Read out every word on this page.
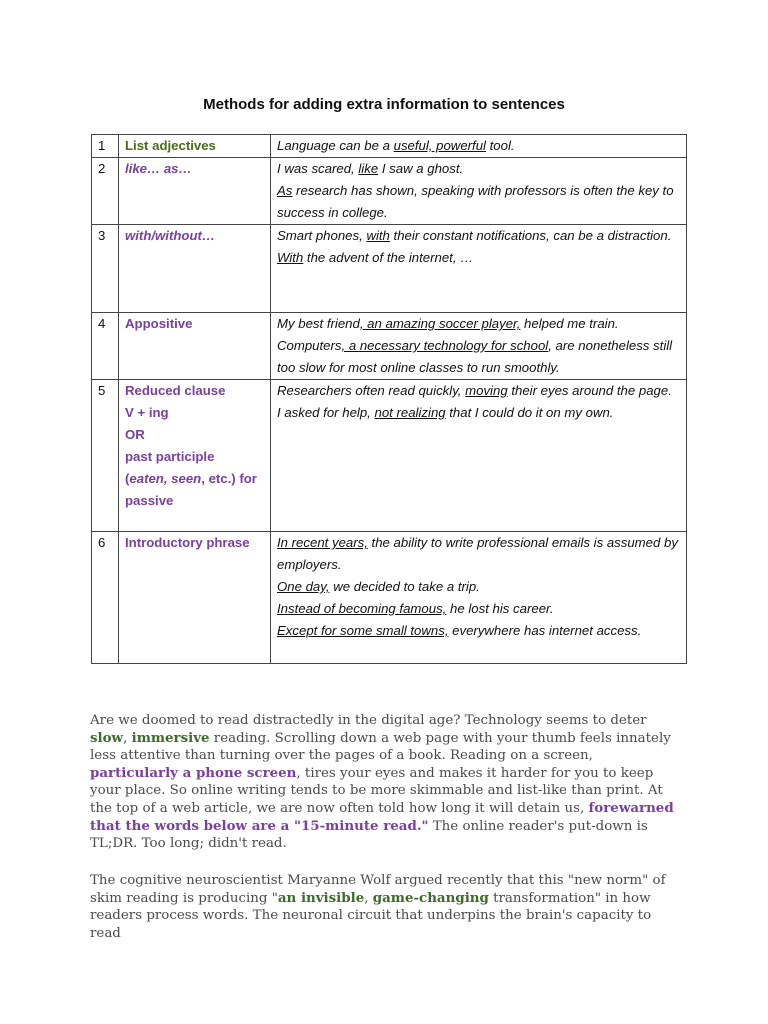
Methods for adding extra information to sentences
1	List adjectives	Language can be a useful, powerful tool.

2	like… as…	I was scared, like I saw a ghost.
As research has shown, speaking with professors is often the key to success in college.

3	with/without…	Smart phones, with their constant notifications, can be a distraction.
With the advent of the internet, …

4	Appositive	My best friend, an amazing soccer player, helped me train.
Computers, a necessary technology for school, are nonetheless still too slow for most online classes to run smoothly.

5	Reduced clause
V + ing
OR
past participle
(eaten, seen, etc.) for passive	Researchers often read quickly, moving their eyes around the page.
I asked for help, not realizing that I could do it on my own.

6	Introductory phrase	In recent years, the ability to write professional emails is assumed by employers.
One day, we decided to take a trip.
Instead of becoming famous, he lost his career.
Except for some small towns, everywhere has internet access.

Are we doomed to read distractedly in the digital age? Technology seems to deter slow, immersive reading. Scrolling down a web page with your thumb feels innately less attentive than turning over the pages of a book. Reading on a screen, particularly a phone screen, tires your eyes and makes it harder for you to keep your place. So online writing tends to be more skimmable and list-like than print. At the top of a web article, we are now often told how long it will detain us, forewarned that the words below are a "15-minute read." The online reader's put-down is TL;DR. Too long; didn't read.

The cognitive neuroscientist Maryanne Wolf argued recently that this "new norm" of skim reading is producing "an invisible, game-changing transformation" in how readers process words. The neuronal circuit that underpins the brain's capacity to read
